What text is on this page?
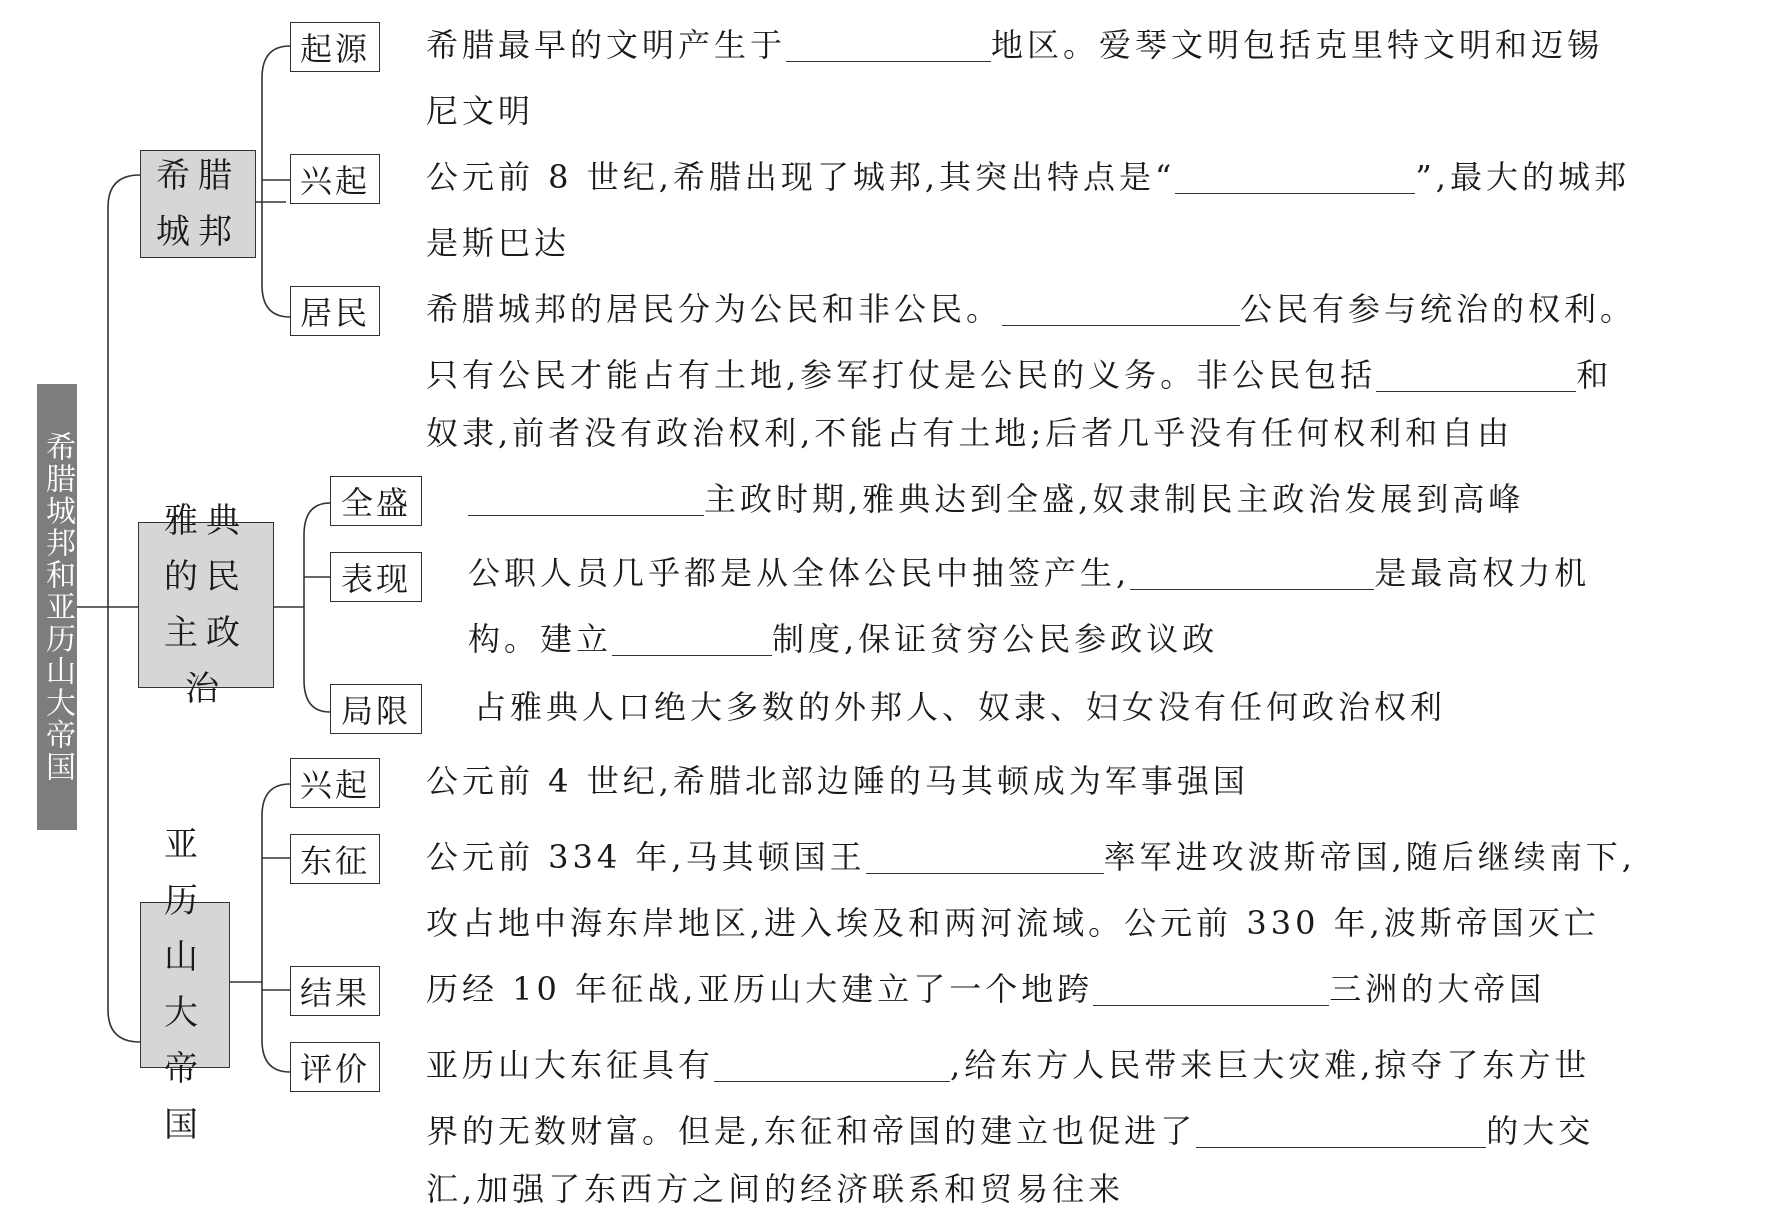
希腊城邦和亚历山大帝国
希腊城邦
雅典的民主政治
亚历山大帝国
起源
兴起
居民
全盛
表现
局限
兴起
东征
结果
评价

希腊最早的文明产生于	地区。爱琴文明包括克里特文明和迈锡

尼文明

公元前 8 世纪,希腊出现了城邦,其突出特点是“	”,最大的城邦

是斯巴达

希腊城邦的居民分为公民和非公民。	公民有参与统治的权利。

只有公民才能占有土地,参军打仗是公民的义务。非公民包括	和

奴隶,前者没有政治权利,不能占有土地;后者几乎没有任何权利和自由

主政时期,雅典达到全盛,奴隶制民主政治发展到高峰

公职人员几乎都是从全体公民中抽签产生,	是最高权力机

构。建立	制度,保证贫穷公民参政议政

占雅典人口绝大多数的外邦人、奴隶、妇女没有任何政治权利

公元前 4 世纪,希腊北部边陲的马其顿成为军事强国

公元前 334 年,马其顿国王	率军进攻波斯帝国,随后继续南下,

攻占地中海东岸地区,进入埃及和两河流域。公元前 330 年,波斯帝国灭亡

历经 10 年征战,亚历山大建立了一个地跨	三洲的大帝国

亚历山大东征具有	,给东方人民带来巨大灾难,掠夺了东方世

界的无数财富。但是,东征和帝国的建立也促进了	的大交

汇,加强了东西方之间的经济联系和贸易往来
